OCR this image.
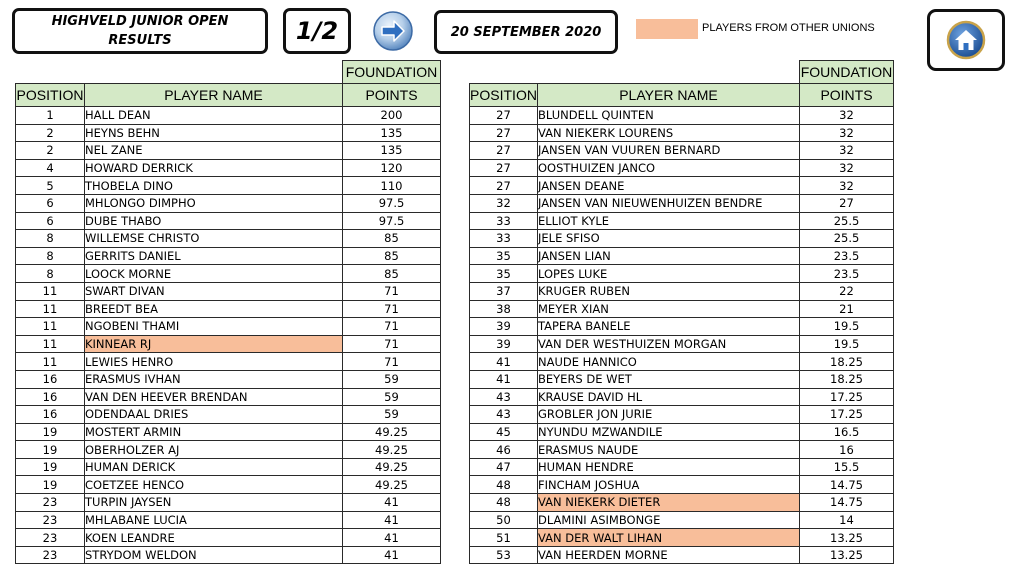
HIGHVELD JUNIOR OPEN RESULTS	1/2	20 SEPTEMBER 2020	PLAYERS FROM OTHER UNIONS
		FOUNDATION
POSITION	PLAYER NAME	POINTS
1	HALL DEAN	200
2	HEYNS BEHN	135
2	NEL ZANE	135
4	HOWARD DERRICK	120
5	THOBELA DINO	110
6	MHLONGO DIMPHO	97.5
6	DUBE THABO	97.5
8	WILLEMSE CHRISTO	85
8	GERRITS DANIEL	85
8	LOOCK MORNE	85
11	SWART DIVAN	71
11	BREEDT BEA	71
11	NGOBENI THAMI	71
11	KINNEAR RJ	71
11	LEWIES HENRO	71
16	ERASMUS IVHAN	59
16	VAN DEN HEEVER BRENDAN	59
16	ODENDAAL DRIES	59
19	MOSTERT ARMIN	49.25
19	OBERHOLZER AJ	49.25
19	HUMAN DERICK	49.25
19	COETZEE HENCO	49.25
23	TURPIN JAYSEN	41
23	MHLABANE LUCIA	41
23	KOEN LEANDRE	41
23	STRYDOM WELDON	41
		FOUNDATION
POSITION	PLAYER NAME	POINTS
27	BLUNDELL QUINTEN	32
27	VAN NIEKERK LOURENS	32
27	JANSEN VAN VUUREN BERNARD	32
27	OOSTHUIZEN JANCO	32
27	JANSEN DEANE	32
32	JANSEN VAN NIEUWENHUIZEN BENDRE	27
33	ELLIOT KYLE	25.5
33	JELE SFISO	25.5
35	JANSEN LIAN	23.5
35	LOPES LUKE	23.5
37	KRUGER RUBEN	22
38	MEYER XIAN	21
39	TAPERA BANELE	19.5
39	VAN DER WESTHUIZEN MORGAN	19.5
41	NAUDE HANNICO	18.25
41	BEYERS DE WET	18.25
43	KRAUSE DAVID HL	17.25
43	GROBLER JON JURIE	17.25
45	NYUNDU MZWANDILE	16.5
46	ERASMUS NAUDE	16
47	HUMAN HENDRE	15.5
48	FINCHAM JOSHUA	14.75
48	VAN NIEKERK DIETER	14.75
50	DLAMINI ASIMBONGE	14
51	VAN DER WALT LIHAN	13.25
53	VAN HEERDEN MORNE	13.25
